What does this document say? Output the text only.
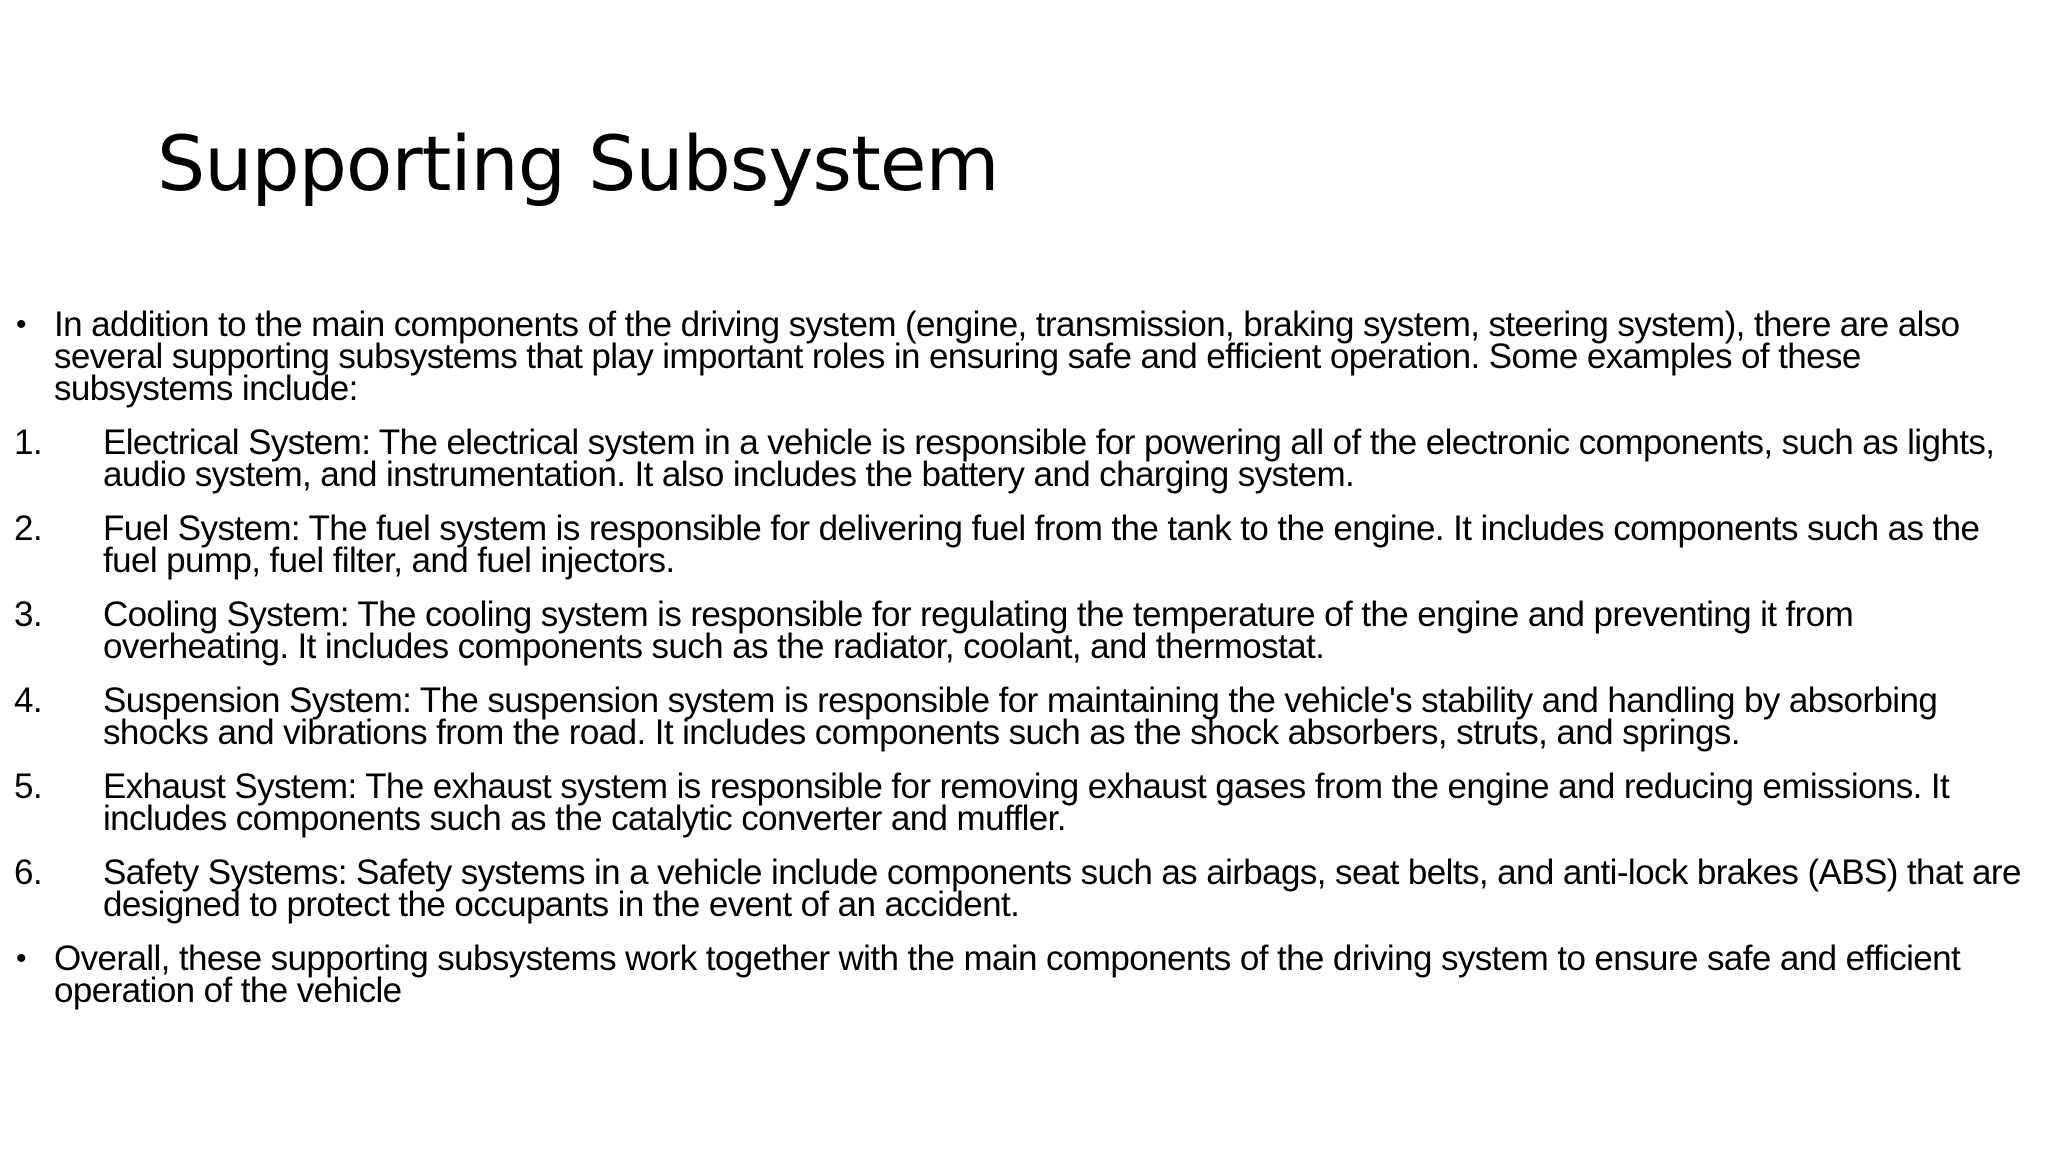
Supporting Subsystem
• In addition to the main components of the driving system (engine, transmission, braking system, steering system), there are also several supporting subsystems that play important roles in ensuring safe and efficient operation. Some examples of these subsystems include:
1. Electrical System: The electrical system in a vehicle is responsible for powering all of the electronic components, such as lights, audio system, and instrumentation. It also includes the battery and charging system.
2. Fuel System: The fuel system is responsible for delivering fuel from the tank to the engine. It includes components such as the fuel pump, fuel filter, and fuel injectors.
3. Cooling System: The cooling system is responsible for regulating the temperature of the engine and preventing it from overheating. It includes components such as the radiator, coolant, and thermostat.
4. Suspension System: The suspension system is responsible for maintaining the vehicle's stability and handling by absorbing shocks and vibrations from the road. It includes components such as the shock absorbers, struts, and springs.
5. Exhaust System: The exhaust system is responsible for removing exhaust gases from the engine and reducing emissions. It includes components such as the catalytic converter and muffler.
6. Safety Systems: Safety systems in a vehicle include components such as airbags, seat belts, and anti-lock brakes (ABS) that are designed to protect the occupants in the event of an accident.
• Overall, these supporting subsystems work together with the main components of the driving system to ensure safe and efficient operation of the vehicle
